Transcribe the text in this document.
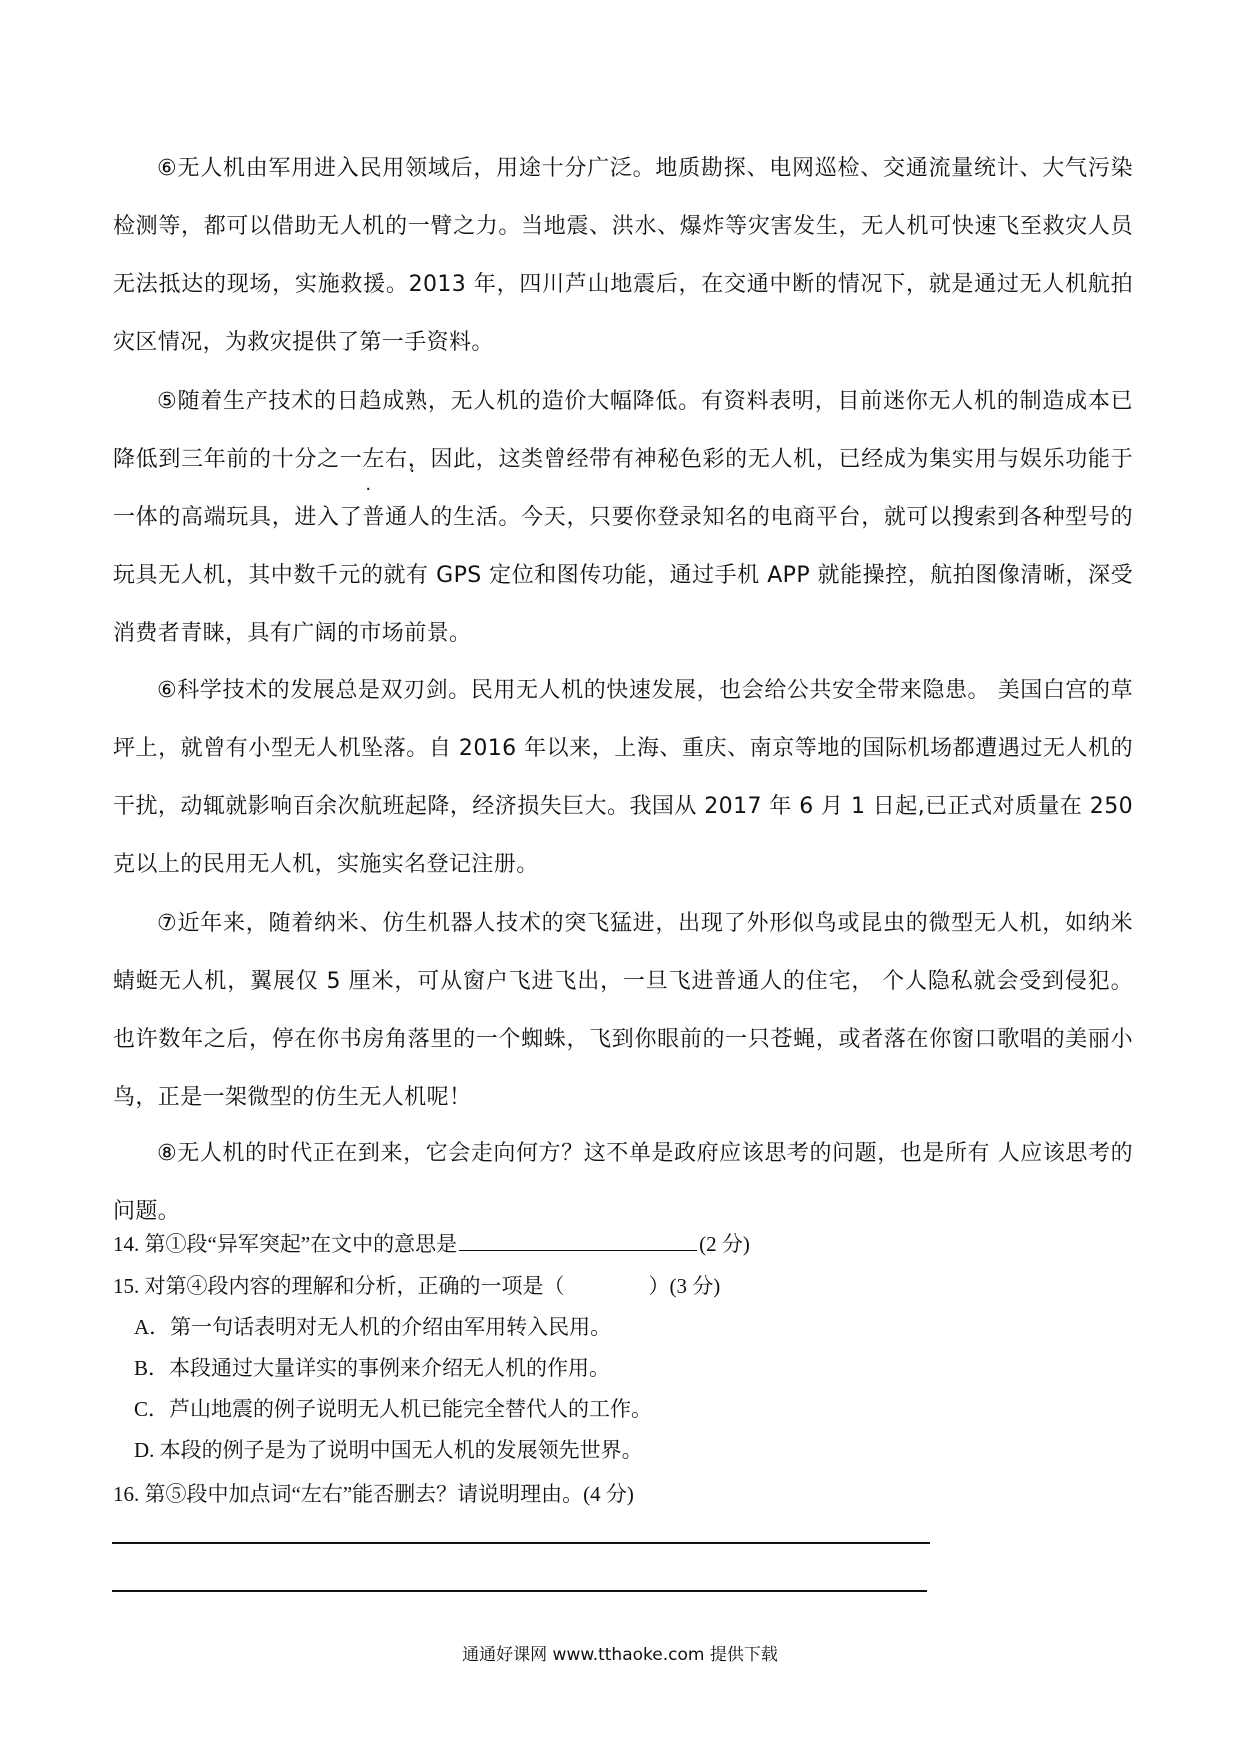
⑥无人机由军用进入民用领域后，用途十分广泛。地质勘探、电网巡检、交通流量统计、大气污染检测等，都可以借助无人机的一臂之力。当地震、洪水、爆炸等灾害发生，无人机可快速飞至救灾人员无法抵达的现场，实施救援。2013 年，四川芦山地震后，在交通中断的情况下，就是通过无人机航拍灾区情况，为救灾提供了第一手资料。

⑤随着生产技术的日趋成熟，无人机的造价大幅降低。有资料表明，目前迷你无人机的制造成本已降低到三年前的十分之一左右 · ·，因此，这类曾经带有神秘色彩的无人机，已经成为集实用与娱乐功能于一体的高端玩具，进入了普通人的生活。今天，只要你登录知名的电商平台，就可以搜索到各种型号的玩具无人机，其中数千元的就有 GPS 定位和图传功能，通过手机 APP 就能操控，航拍图像清晰，深受消费者青睐，具有广阔的市场前景。

⑥科学技术的发展总是双刃剑。民用无人机的快速发展，也会给公共安全带来隐患。 美国白宫的草坪上，就曾有小型无人机坠落。自 2016 年以来，上海、重庆、南京等地的国际机场都遭遇过无人机的干扰，动辄就影响百余次航班起降，经济损失巨大。我国从 2017 年 6 月 1 日起,已正式对质量在 250 克以上的民用无人机，实施实名登记注册。

⑦近年来，随着纳米、仿生机器人技术的突飞猛进，出现了外形似鸟或昆虫的微型无人机，如纳米蜻蜓无人机，翼展仅 5 厘米，可从窗户飞进飞出，一旦飞进普通人的住宅， 个人隐私就会受到侵犯。也许数年之后，停在你书房角落里的一个蜘蛛，飞到你眼前的一只苍蝇，或者落在你窗口歌唱的美丽小鸟，正是一架微型的仿生无人机呢！

⑧无人机的时代正在到来，它会走向何方？这不单是政府应该思考的问题，也是所有 人应该思考的问题。

14. 第①段“异军突起”在文中的意思是	(2 分)

15. 对第④段内容的理解和分析，正确的一项是（　　　　）(3 分)

A．第一句话表明对无人机的介绍由军用转入民用。

B．本段通过大量详实的事例来介绍无人机的作用。

C．芦山地震的例子说明无人机已能完全替代人的工作。

D. 本段的例子是为了说明中国无人机的发展领先世界。

16. 第⑤段中加点词“左右”能否删去？请说明理由。(4 分)

通通好课网 www.tthaoke.com 提供下载
